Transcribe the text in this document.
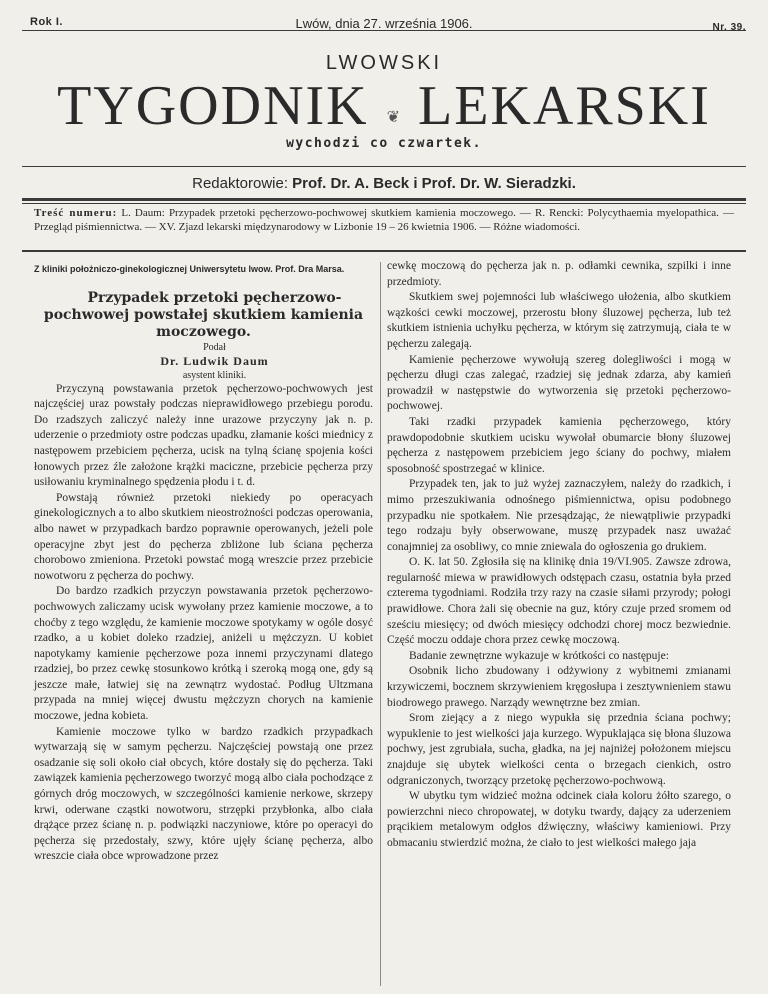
Rok I.	Lwów, dnia 27. września 1906.	Nr. 39.
LWOWSKI
TYGODNIK ❦ LEKARSKI
wychodzi co czwartek.
Redaktorowie: Prof. Dr. A. Beck i Prof. Dr. W. Sieradzki.
Treść numeru: L. Daum: Przypadek przetoki pęcherzowo-pochwowej skutkiem kamienia moczowego. — R. Rencki: Polycythaemia myelopathica. — Przegląd piśmiennictwa. — XV. Zjazd lekarski międzynarodowy w Lizbonie 19 – 26 kwietnia 1906. — Różne wiadomości.

Z kliniki położniczo-ginekologicznej Uniwersytetu lwow. Prof. Dra Marsa.

Przypadek przetoki pęcherzowo-pochwowej powstałej skutkiem kamienia moczowego.

Podał

Dr. Ludwik Daum

asystent kliniki.

Przyczyną powstawania przetok pęcherzowo-pochwowych jest najczęściej uraz powstały podczas nieprawidłowego przebiegu porodu. Do rzadszych zaliczyć należy inne urazowe przyczyny jak n. p. uderzenie o przedmioty ostre podczas upadku, złamanie kości miednicy z następowem przebiciem pęcherza, ucisk na tylną ścianę spojenia kości łonowych przez źle założone krążki maciczne, przebicie pęcherza przy usiłowaniu kryminalnego spędzenia płodu i t. d.

Powstają również przetoki niekiedy po operacyach ginekologicznych a to albo skutkiem nieostrożności podczas operowania, albo nawet w przypadkach bardzo poprawnie operowanych, jeżeli pole operacyjne zbyt jest do pęcherza zbliżone lub ściana pęcherza chorobowo zmieniona. Przetoki powstać mogą wreszcie przez przebicie nowotworu z pęcherza do pochwy.

Do bardzo rzadkich przyczyn powstawania przetok pęcherzowo-pochwowych zaliczamy ucisk wywołany przez kamienie moczowe, a to choćby z tego względu, że kamienie moczowe spotykamy w ogóle dosyć rzadko, a u kobiet doleko rzadziej, aniżeli u mężczyzn. U kobiet napotykamy kamienie pęcherzowe poza innemi przyczynami dlatego rzadziej, bo przez cewkę stosunkowo krótką i szeroką mogą one, gdy są jeszcze małe, łatwiej się na zewnątrz wydostać. Podług Ultzmana przypada na mniej więcej dwustu mężczyzn chorych na kamienie moczowe, jedna kobieta.

Kamienie moczowe tylko w bardzo rzadkich przypadkach wytwarzają się w samym pęcherzu. Najczęściej powstają one przez osadzanie się soli około ciał obcych, które dostały się do pęcherza. Taki zawiązek kamienia pęcherzowego tworzyć mogą albo ciała pochodzące z górnych dróg moczowych, w szczególności kamienie nerkowe, skrzepy krwi, oderwane cząstki nowotworu, strzępki przybłonka, albo ciała drążące przez ścianę n. p. podwiązki naczyniowe, które po operacyi do pęcherza się przedostały, szwy, które ujęły ścianę pęcherza, albo wreszcie ciała obce wprowadzone przez

cewkę moczową do pęcherza jak n. p. odłamki cewnika, szpilki i inne przedmioty.

Skutkiem swej pojemności lub właściwego ułożenia, albo skutkiem wązkości cewki moczowej, przerostu błony śluzowej pęcherza, lub też skutkiem istnienia uchyłku pęcherza, w którym się zatrzymują, ciała te w pęcherzu zalegają.

Kamienie pęcherzowe wywołują szereg dolegliwości i mogą w pęcherzu długi czas zalegać, rzadziej się jednak zdarza, aby kamień prowadził w następstwie do wytworzenia się przetoki pęcherzowo-pochwowej.

Taki rzadki przypadek kamienia pęcherzowego, który prawdopodobnie skutkiem ucisku wywołał obumarcie błony śluzowej pęcherza z następowem przebiciem jego ściany do pochwy, miałem sposobność spostrzegać w klinice.

Przypadek ten, jak to już wyżej zaznaczyłem, należy do rzadkich, i mimo przeszukiwania odnośnego piśmiennictwa, opisu podobnego przypadku nie spotkałem. Nie przesądzając, że niewątpliwie przypadki tego rodzaju były obserwowane, muszę przypadek nasz uważać conajmniej za osobliwy, co mnie zniewala do ogłoszenia go drukiem.

O. K. lat 50. Zgłosiła się na klinikę dnia 19/VI.905. Zawsze zdrowa, regularność miewa w prawidłowych odstępach czasu, ostatnia była przed czterema tygodniami. Rodziła trzy razy na czasie siłami przyrody; połogi prawidłowe. Chora żali się obecnie na guz, który czuje przed sromem od sześciu miesięcy; od dwóch miesięcy odchodzi chorej mocz bezwiednie. Część moczu oddaje chora przez cewkę moczową.

Badanie zewnętrzne wykazuje w krótkości co następuje:

Osobnik licho zbudowany i odżywiony z wybitnemi zmianami krzywiczemi, bocznem skrzywieniem kręgosłupa i zesztywnieniem stawu biodrowego prawego. Narządy wewnętrzne bez zmian.

Srom ziejący a z niego wypukła się przednia ściana pochwy; wypuklenie to jest wielkości jaja kurzego. Wypuklająca się błona śluzowa pochwy, jest zgrubiała, sucha, gładka, na jej najniżej położonem miejscu znajduje się ubytek wielkości centa o brzegach cienkich, ostro odgraniczonych, tworzący przetokę pęcherzowo-pochwową.

W ubytku tym widzieć można odcinek ciała koloru żółto szarego, o powierzchni nieco chropowatej, w dotyku twardy, dający za uderzeniem prącikiem metalowym odgłos dźwięczny, właściwy kamieniowi. Przy obmacaniu stwierdzić można, że ciało to jest wielkości małego jaja
